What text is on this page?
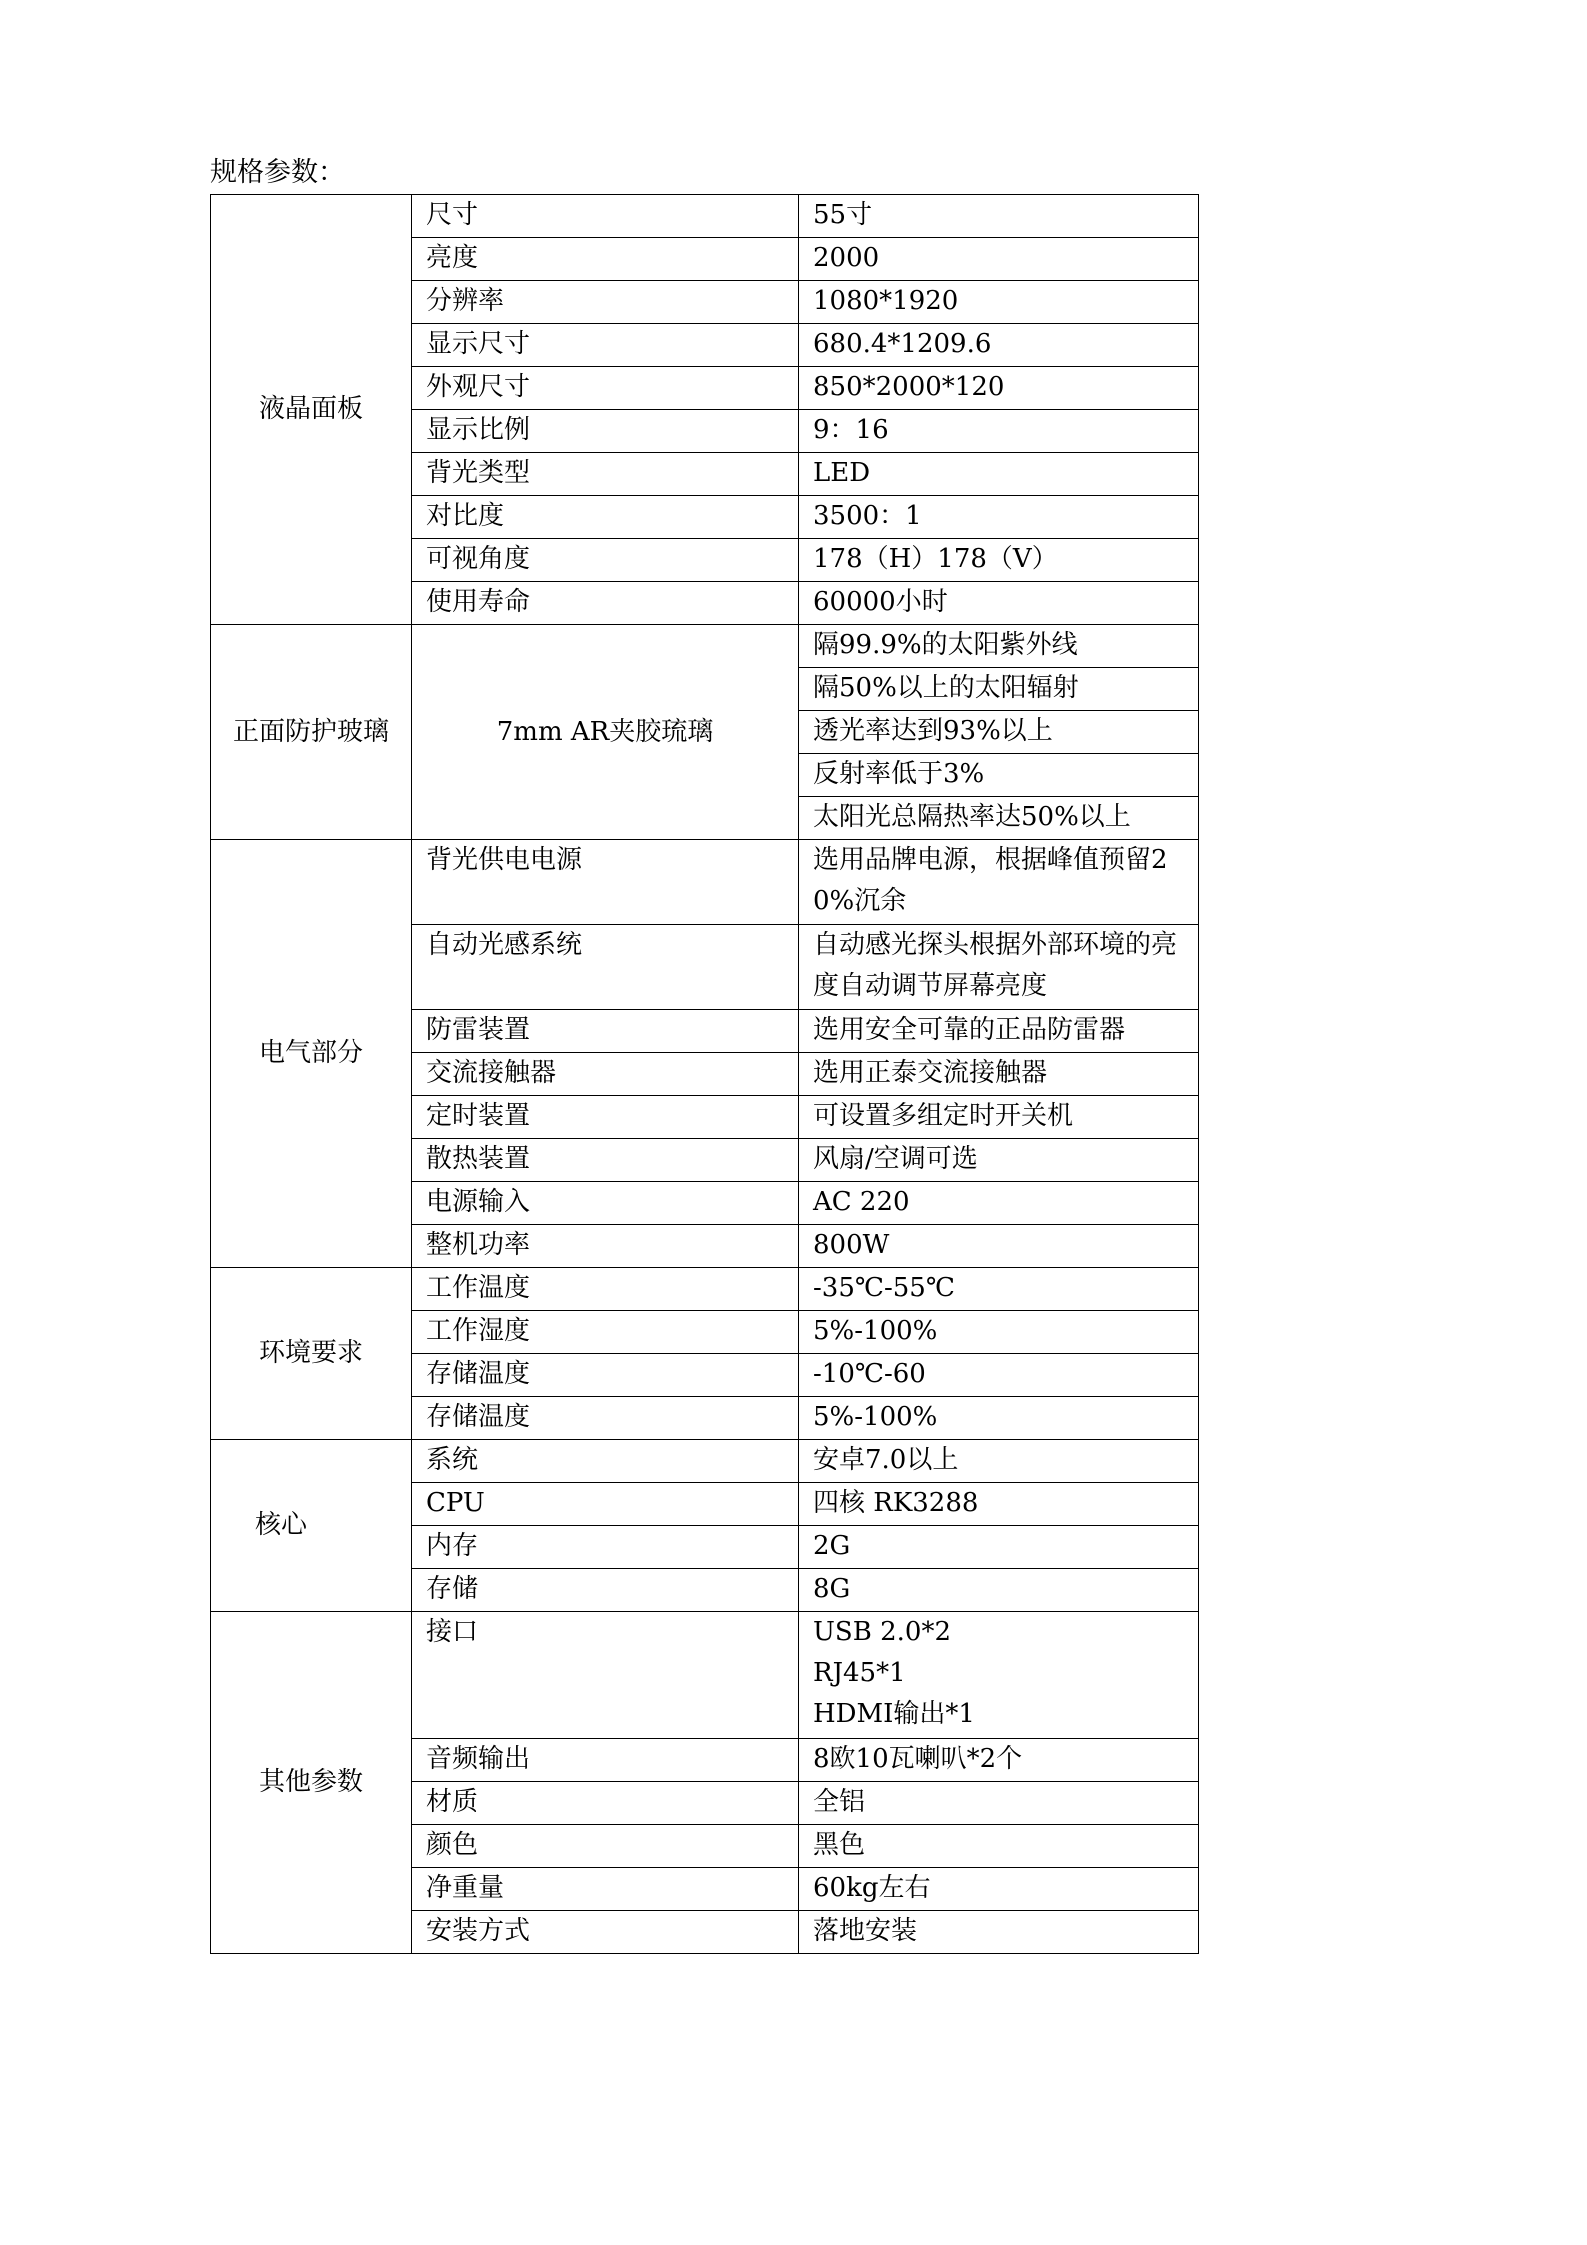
规格参数：
液晶面板	尺寸	55寸
	亮度	2000
	分辨率	1080*1920
	显示尺寸	680.4*1209.6
	外观尺寸	850*2000*120
	显示比例	9：16
	背光类型	LED
	对比度	3500：1
	可视角度	178（H）178（V）
	使用寿命	60000小时
正面防护玻璃	7mm AR夹胶琉璃	隔99.9%的太阳紫外线
		隔50%以上的太阳辐射
		透光率达到93%以上
		反射率低于3%
		太阳光总隔热率达50%以上
电气部分	背光供电电源	选用品牌电源，根据峰值预留20%沉余
	自动光感系统	自动感光探头根据外部环境的亮度自动调节屏幕亮度
	防雷装置	选用安全可靠的正品防雷器
	交流接触器	选用正泰交流接触器
	定时装置	可设置多组定时开关机
	散热装置	风扇/空调可选
	电源输入	AC 220
	整机功率	800W
环境要求	工作温度	-35℃-55℃
	工作湿度	5%-100%
	存储温度	-10℃-60
	存储温度	5%-100%
核心	系统	安卓7.0以上
	CPU	四核 RK3288
	内存	2G
	存储	8G
其他参数	接口	USB 2.0*2
RJ45*1
HDMI输出*1

	音频输出	8欧10瓦喇叭*2个
	材质	全铝
	颜色	黑色
	净重量	60kg左右
	安装方式	落地安装
